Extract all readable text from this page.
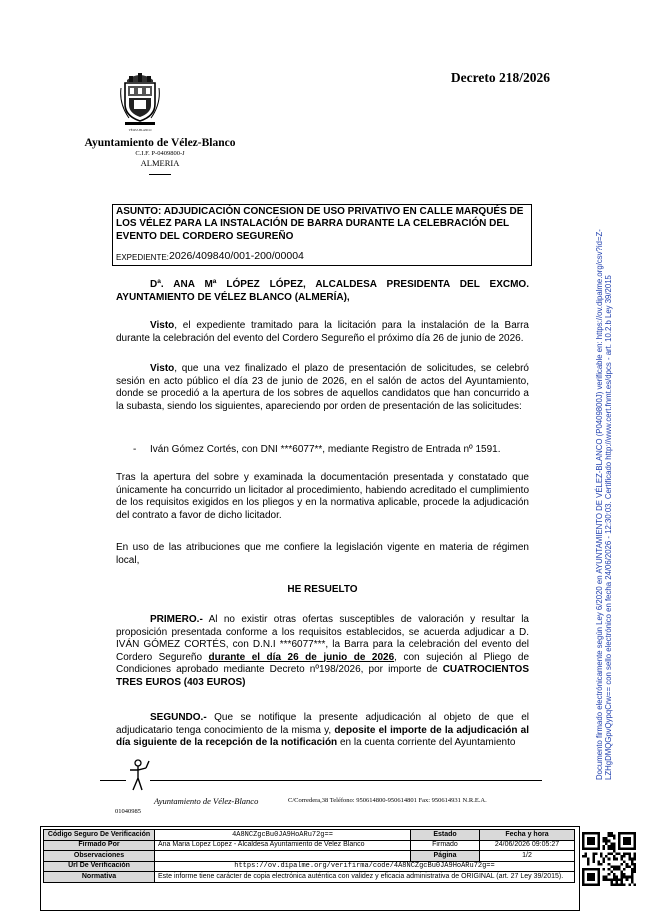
VÉLEZ-BLANCO
Ayuntamiento de Vélez-Blanco
C.I.F. P-0409800-J
ALMERIA
Decreto 218/2026
ASUNTO: ADJUDICACIÓN CONCESION DE USO PRIVATIVO EN CALLE MARQUÉS DE LOS VÉLEZ PARA LA INSTALACIÓN DE BARRA DURANTE LA CELEBRACIÓN DEL EVENTO DEL CORDERO SEGUREÑO
EXPEDIENTE: 2026/409840/001-200/00004
Dª. ANA Mª LÓPEZ LÓPEZ, ALCALDESA PRESIDENTA DEL EXCMO. AYUNTAMIENTO DE VÉLEZ BLANCO (ALMERÍA),
Visto, el expediente tramitado para la licitación para la instalación de la Barra durante la celebración del evento del Cordero Segureño el próximo día 26 de junio de 2026.
Visto, que una vez finalizado el plazo de presentación de solicitudes, se celebró sesión en acto público el día 23 de junio de 2026, en el salón de actos del Ayuntamiento, donde se procedió a la apertura de los sobres de aquellos candidatos que han concurrido a la subasta, siendo los siguientes, apareciendo por orden de presentación de las solicitudes:
- Iván Gómez Cortés, con DNI ***6077**, mediante Registro de Entrada nº 1591.
Tras la apertura del sobre y examinada la documentación presentada y constatado que únicamente ha concurrido un licitador al procedimiento, habiendo acreditado el cumplimiento de los requisitos exigidos en los pliegos y en la normativa aplicable, procede la adjudicación del contrato a favor de dicho licitador.
En uso de las atribuciones que me confiere la legislación vigente en materia de régimen local,
HE RESUELTO
PRIMERO.- Al no existir otras ofertas susceptibles de valoración y resultar la proposición presentada conforme a los requisitos establecidos, se acuerda adjudicar a D. IVÁN GÓMEZ CORTÉS, con D.N.I ***6077***, la Barra para la celebración del evento del Cordero Segureño durante el día 26 de junio de 2026, con sujeción al Pliego de Condiciones aprobado mediante Decreto nº198/2026, por importe de CUATROCIENTOS TRES EUROS (403 EUROS)
SEGUNDO.- Que se notifique la presente adjudicación al objeto de que el adjudicatario tenga conocimiento de la misma y, deposite el importe de la adjudicación al día siguiente de la recepción de la notificación en la cuenta corriente del Ayuntamiento
Ayuntamiento de Vélez-Blanco	C/Corredera,38 Teléfono: 950614800-950614801 Fax: 950614931 N.R.E.A.
01040985
Código Seguro De Verificación	4A8NCZgcBu0JA9HoARu72g==	Estado	Fecha y hora
Firmado Por	Ana Maria Lopez Lopez - Alcaldesa Ayuntamiento de Velez Blanco	Firmado	24/06/2026 09:05:27
Observaciones		Página	1/2
Url De Verificación	https://ov.dipalme.org/verifirma/code/4A8NCZgcBu0JA9HoARu72g==		
Normativa	Este informe tiene carácter de copia electrónica auténtica con validez y eficacia administrativa de ORIGINAL (art. 27 Ley 39/2015).		
Documento firmado electrónicamente según Ley 6/2020 en AYUNTAMIENTO DE VÉLEZ-BLANCO (P0409800J) verificable en: https://ov.dipalme.org/csv?id=Z- LZHgDMQGpvQypqCrw== con sello electrónico en fecha 24/06/2026 - 12:30:03. Certificado http://www.cert.fnmt.es/dpcs - art. 10.2.b Ley 39/2015
